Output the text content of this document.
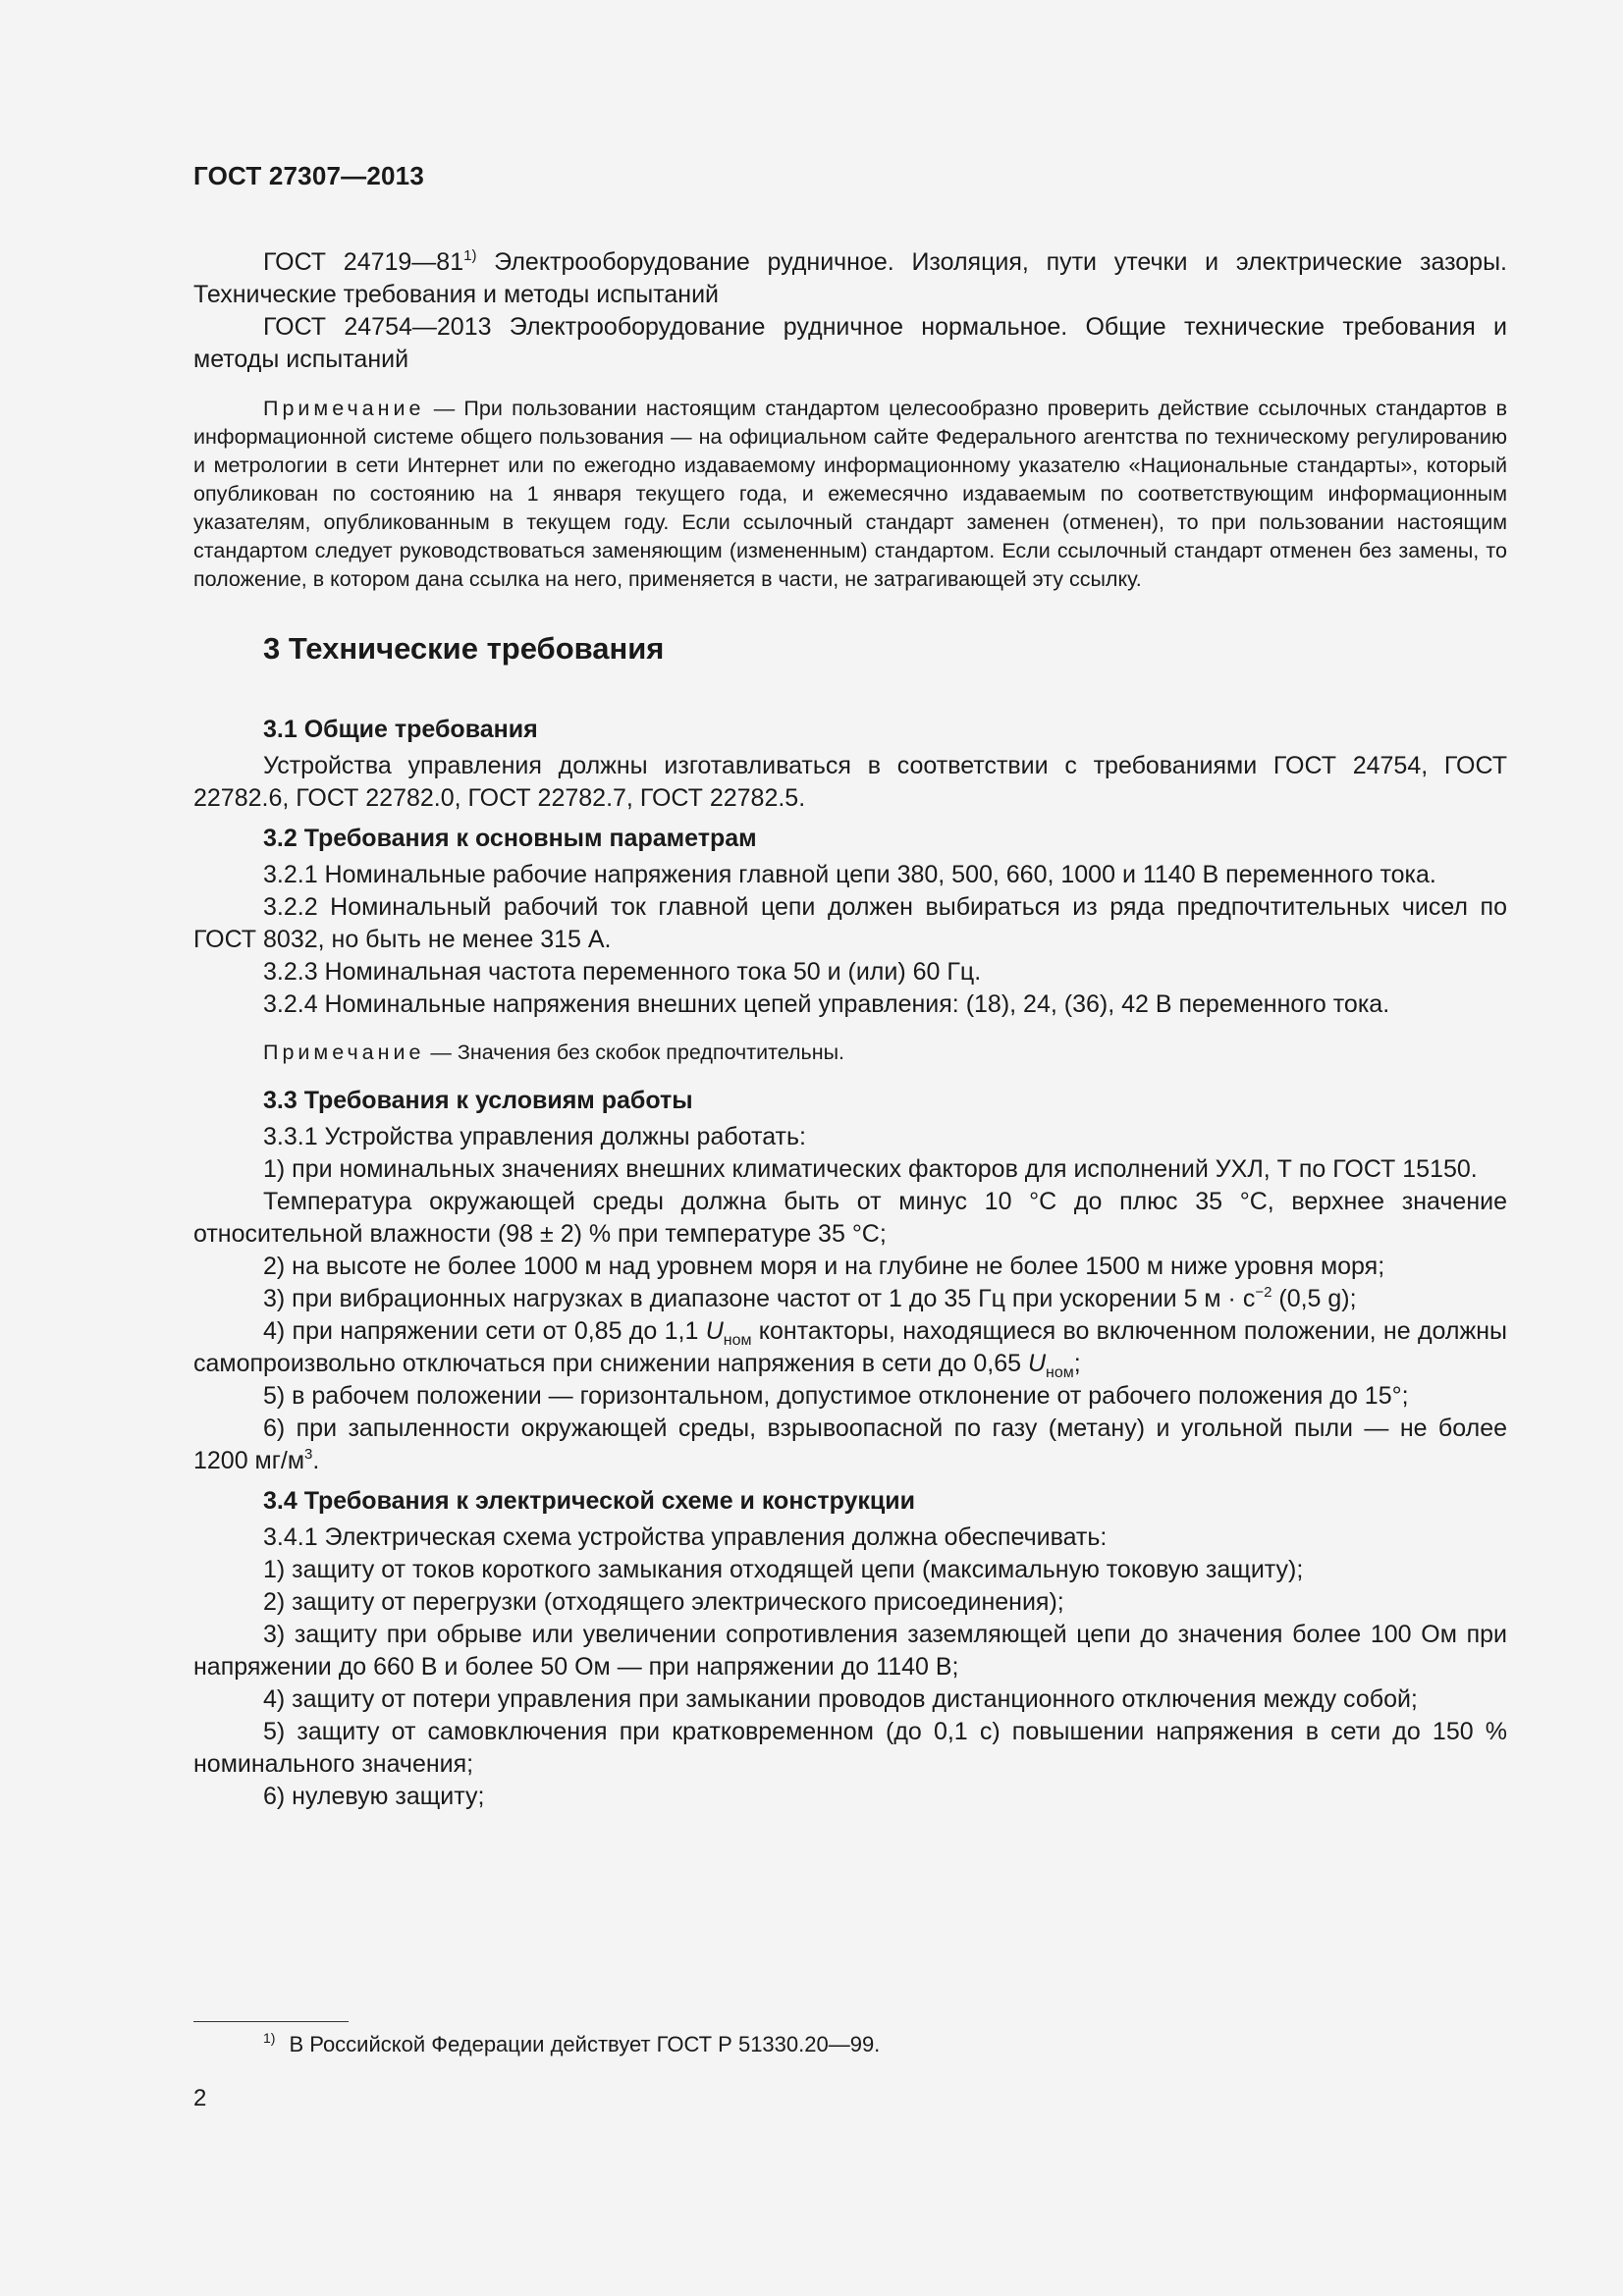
ГОСТ 27307—2013

ГОСТ 24719—81$^{1)}$ Электрооборудование рудничное. Изоляция, пути утечки и электрические зазоры. Технические требования и методы испытаний

ГОСТ 24754—2013 Электрооборудование рудничное нормальное. Общие технические требования и методы испытаний

Примечание — При пользовании настоящим стандартом целесообразно проверить действие ссылочных стандартов в информационной системе общего пользования — на официальном сайте Федерального агентства по техническому регулированию и метрологии в сети Интернет или по ежегодно издаваемому информационному указателю «Национальные стандарты», который опубликован по состоянию на 1 января текущего года, и ежемесячно издаваемым по соответствующим информационным указателям, опубликованным в текущем году. Если ссылочный стандарт заменен (отменен), то при пользовании настоящим стандартом следует руководствоваться заменяющим (измененным) стандартом. Если ссылочный стандарт отменен без замены, то положение, в котором дана ссылка на него, применяется в части, не затрагивающей эту ссылку.

3 Технические требования
3.1 Общие требования

Устройства управления должны изготавливаться в соответствии с требованиями ГОСТ 24754, ГОСТ 22782.6, ГОСТ 22782.0, ГОСТ 22782.7, ГОСТ 22782.5.

3.2 Требования к основным параметрам

3.2.1 Номинальные рабочие напряжения главной цепи 380, 500, 660, 1000 и 1140 В переменного тока.

3.2.2 Номинальный рабочий ток главной цепи должен выбираться из ряда предпочтительных чисел по ГОСТ 8032, но быть не менее 315 А.

3.2.3 Номинальная частота переменного тока 50 и (или) 60 Гц.

3.2.4 Номинальные напряжения внешних цепей управления: (18), 24, (36), 42 В переменного тока.

Примечание — Значения без скобок предпочтительны.

3.3 Требования к условиям работы

3.3.1 Устройства управления должны работать:

1) при номинальных значениях внешних климатических факторов для исполнений УХЛ, Т по ГОСТ 15150.

Температура окружающей среды должна быть от минус 10 °С до плюс 35 °С, верхнее значение относительной влажности (98 ± 2) % при температуре 35 °С;

2) на высоте не более 1000 м над уровнем моря и на глубине не более 1500 м ниже уровня моря;

3) при вибрационных нагрузках в диапазоне частот от 1 до 35 Гц при ускорении 5 $м \cdot с^{-2}$ (0,5 g);

4) при напряжении сети от 0,85 до 1,1 $U_{ном}$ контакторы, находящиеся во включенном положении, не должны самопроизвольно отключаться при снижении напряжения в сети до 0,65 $U_{ном}$;

5) в рабочем положении — горизонтальном, допустимое отклонение от рабочего положения до 15°;

6) при запыленности окружающей среды, взрывоопасной по газу (метану) и угольной пыли — не более 1200 $мг/м^3$.

3.4 Требования к электрической схеме и конструкции

3.4.1 Электрическая схема устройства управления должна обеспечивать:

1) защиту от токов короткого замыкания отходящей цепи (максимальную токовую защиту);

2) защиту от перегрузки (отходящего электрического присоединения);

3) защиту при обрыве или увеличении сопротивления заземляющей цепи до значения более 100 Ом при напряжении до 660 В и более 50 Ом — при напряжении до 1140 В;

4) защиту от потери управления при замыкании проводов дистанционного отключения между собой;

5) защиту от самовключения при кратковременном (до 0,1 с) повышении напряжения в сети до 150 % номинального значения;

6) нулевую защиту;

$^{1)}$ В Российской Федерации действует ГОСТ Р 51330.20—99.
2
